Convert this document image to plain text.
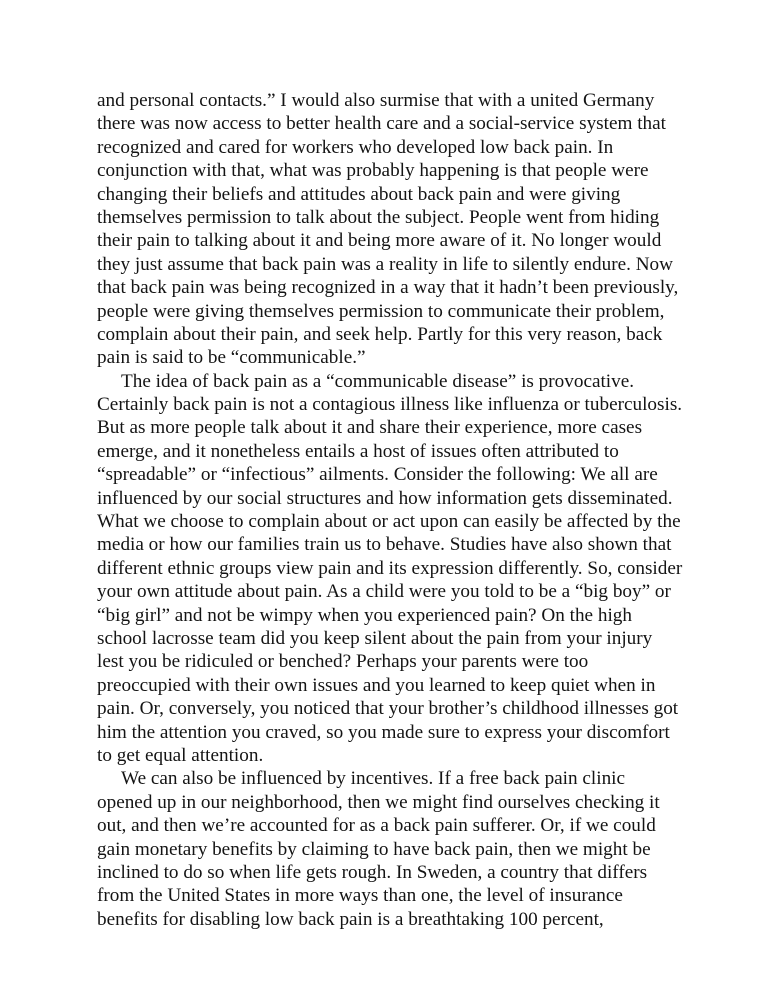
and personal contacts.” I would also surmise that with a united Germany
there was now access to better health care and a social-service system that
recognized and cared for workers who developed low back pain. In
conjunction with that, what was probably happening is that people were
changing their beliefs and attitudes about back pain and were giving
themselves permission to talk about the subject. People went from hiding
their pain to talking about it and being more aware of it. No longer would
they just assume that back pain was a reality in life to silently endure. Now
that back pain was being recognized in a way that it hadn’t been previously,
people were giving themselves permission to communicate their problem,
complain about their pain, and seek help. Partly for this very reason, back
pain is said to be “communicable.”
The idea of back pain as a “communicable disease” is provocative.
Certainly back pain is not a contagious illness like influenza or tuberculosis.
But as more people talk about it and share their experience, more cases
emerge, and it nonetheless entails a host of issues often attributed to
“spreadable” or “infectious” ailments. Consider the following: We all are
influenced by our social structures and how information gets disseminated.
What we choose to complain about or act upon can easily be affected by the
media or how our families train us to behave. Studies have also shown that
different ethnic groups view pain and its expression differently. So, consider
your own attitude about pain. As a child were you told to be a “big boy” or
“big girl” and not be wimpy when you experienced pain? On the high
school lacrosse team did you keep silent about the pain from your injury
lest you be ridiculed or benched? Perhaps your parents were too
preoccupied with their own issues and you learned to keep quiet when in
pain. Or, conversely, you noticed that your brother’s childhood illnesses got
him the attention you craved, so you made sure to express your discomfort
to get equal attention.
We can also be influenced by incentives. If a free back pain clinic
opened up in our neighborhood, then we might find ourselves checking it
out, and then we’re accounted for as a back pain sufferer. Or, if we could
gain monetary benefits by claiming to have back pain, then we might be
inclined to do so when life gets rough. In Sweden, a country that differs
from the United States in more ways than one, the level of insurance
benefits for disabling low back pain is a breathtaking 100 percent,
